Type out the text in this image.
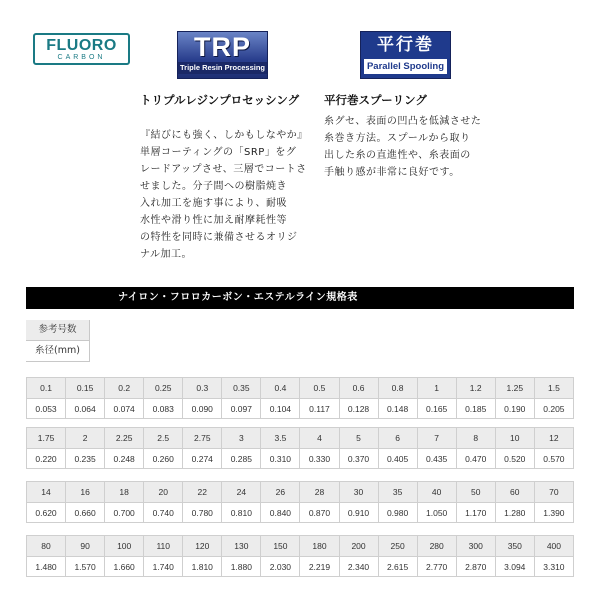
FLUORO
CARBON	TRP
Triple Resin Processing
平行巻
Parallel Spooling
トリプルレジンプロセッシング
『結びにも強く、しかもしなやか』
単層コーティングの「SRP」をグ
レードアップさせ、三層でコートさ
せました。分子間への樹脂焼き
入れ加工を施す事により、耐吸
水性や滑り性に加え耐摩耗性等
の特性を同時に兼備させるオリジ
ナル加工。
平行巻スプーリング
糸グセ、表面の凹凸を低減させた
糸巻き方法。スプールから取り
出した糸の直進性や、糸表面の
手触り感が非常に良好です。
ナイロン・フロロカーボン・エステルライン規格表
参考号数
糸径(mm)
0.1	0.15	0.2	0.25	0.3	0.35	0.4	0.5	0.6	0.8	1	1.2	1.25	1.5
0.053	0.064	0.074	0.083	0.090	0.097	0.104	0.117	0.128	0.148	0.165	0.185	0.190	0.205
1.75	2	2.25	2.5	2.75	3	3.5	4	5	6	7	8	10	12
0.220	0.235	0.248	0.260	0.274	0.285	0.310	0.330	0.370	0.405	0.435	0.470	0.520	0.570
14	16	18	20	22	24	26	28	30	35	40	50	60	70
0.620	0.660	0.700	0.740	0.780	0.810	0.840	0.870	0.910	0.980	1.050	1.170	1.280	1.390
80	90	100	110	120	130	150	180	200	250	280	300	350	400
1.480	1.570	1.660	1.740	1.810	1.880	2.030	2.219	2.340	2.615	2.770	2.870	3.094	3.310
